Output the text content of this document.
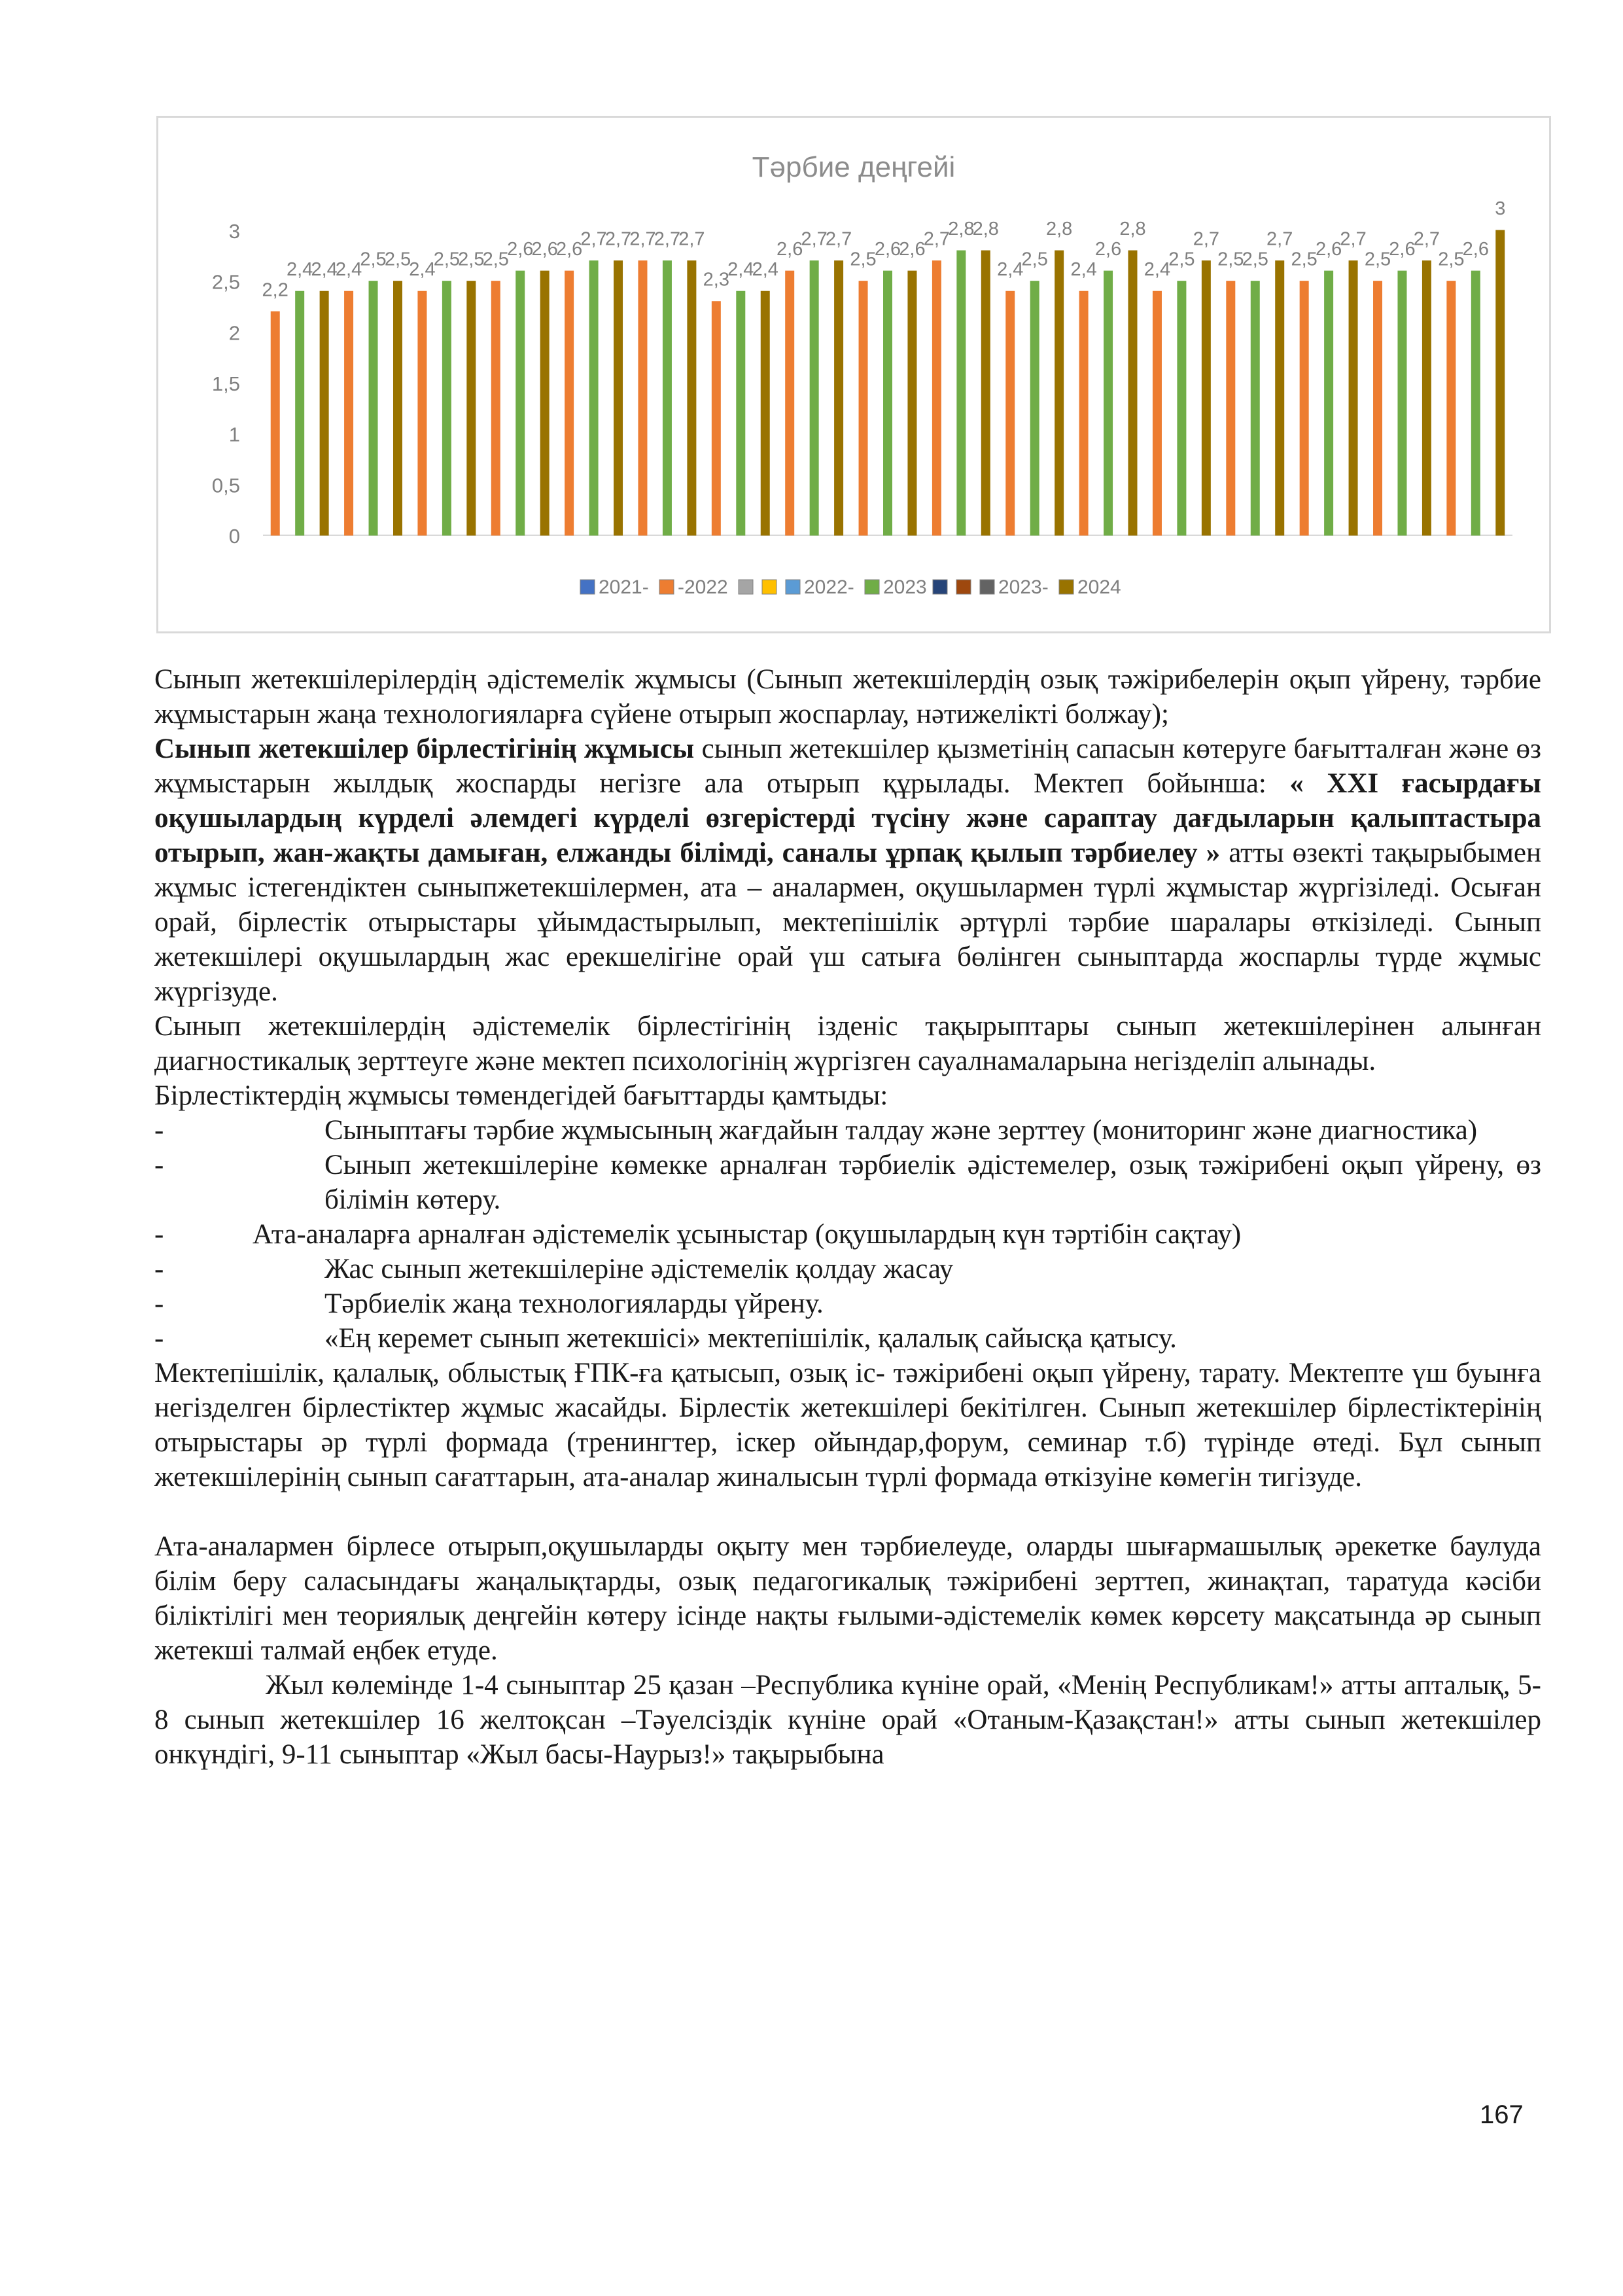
Тәрбие деңгейі
0
0,5
1
1,5
2
2,5
3
2,2
2,4
2,4
2,4
2,5
2,5
2,4
2,5
2,5
2,5
2,6
2,6
2,6
2,7
2,7
2,7
2,7
2,7
2,3
2,4
2,4
2,6
2,7
2,7
2,5
2,6
2,6
2,7
2,8
2,8
2,4
2,5
2,8
2,4
2,6
2,8
2,4
2,5
2,7
2,5
2,5
2,7
2,5
2,6
2,7
2,5
2,6
2,7
2,5
2,6
3
2021- -2022	2022- 2023	2023- 2024

Сынып жетекшілерілердің әдістемелік жұмысы (Сынып жетекшілердің озық тәжірибелерін оқып үйрену, тәрбие жұмыстарын жаңа технологияларға сүйене отырып жоспарлау, нәтижелікті болжау);

Сынып жетекшілер бірлестігінің жұмысы сынып жетекшілер қызметінің сапасын көтеруге бағытталған және өз жұмыстарын жылдық жоспарды негізге ала отырып құрылады. Мектеп бойынша: « XXI ғасырдағы оқушылардың күрделі әлемдегі күрделі өзгерістерді түсіну және сараптау дағдыларын қалыптастыра отырып, жан-жақты дамыған, елжанды білімді, саналы ұрпақ қылып тәрбиелеу » атты өзекті тақырыбымен жұмыс істегендіктен сыныпжетекшілермен, ата – аналармен, оқушылармен түрлі жұмыстар жүргізіледі. Осыған орай, бірлестік отырыстары ұйымдастырылып, мектепішілік әртүрлі тәрбие шаралары өткізіледі. Сынып жетекшілері оқушылардың жас ерекшелігіне орай үш сатыға бөлінген сыныптарда жоспарлы түрде жұмыс жүргізуде.

Сынып жетекшілердің әдістемелік бірлестігінің ізденіс тақырыптары сынып жетекшілерінен алынған диагностикалық зерттеуге және мектеп психологінің жүргізген сауалнамаларына негізделіп алынады.

Бірлестіктердің жұмысы төмендегідей бағыттарды қамтыды:

-	Сыныптағы тәрбие жұмысының жағдайын талдау және зерттеу (мониторинг және диагностика)
-	Сынып жетекшілеріне көмекке арналған тәрбиелік әдістемелер, озық тәжірибені оқып үйрену, өз білімін көтеру.
-	Ата-аналарға арналған әдістемелік ұсыныстар (оқушылардың күн тәртібін сақтау)
-	Жас сынып жетекшілеріне әдістемелік қолдау жасау
-	Тәрбиелік жаңа технологияларды үйрену.
-	«Ең керемет сынып жетекшісі» мектепішілік, қалалық сайысқа қатысу.

Мектепішілік, қалалық, облыстық ҒПК-ға қатысып, озық іс- тәжірибені оқып үйрену, тарату. Мектепте үш буынға негізделген бірлестіктер жұмыс жасайды. Бірлестік жетекшілері бекітілген. Сынып жетекшілер бірлестіктерінің отырыстары әр түрлі формада (тренингтер, іскер ойындар,форум, семинар т.б) түрінде өтеді. Бұл сынып жетекшілерінің сынып сағаттарын, ата-аналар жиналысын түрлі формада өткізуіне көмегін тигізуде.

Ата-аналармен бірлесе отырып,оқушыларды оқыту мен тәрбиелеуде, оларды шығармашылық әрекетке баулуда білім беру саласындағы жаңалықтарды, озық педагогикалық тәжірибені зерттеп, жинақтап, таратуда кәсіби біліктілігі мен теориялық деңгейін көтеру ісінде нақты ғылыми-әдістемелік көмек көрсету мақсатында әр сынып жетекші талмай еңбек етуде.

Жыл көлемінде 1-4 сыныптар 25 қазан –Республика күніне орай, «Менің Республикам!» атты апталық, 5-8 сынып жетекшілер 16 желтоқсан –Тәуелсіздік күніне орай «Отаным-Қазақстан!» атты сынып жетекшілер онкүндігі, 9-11 сыныптар «Жыл басы-Наурыз!» тақырыбына

167
